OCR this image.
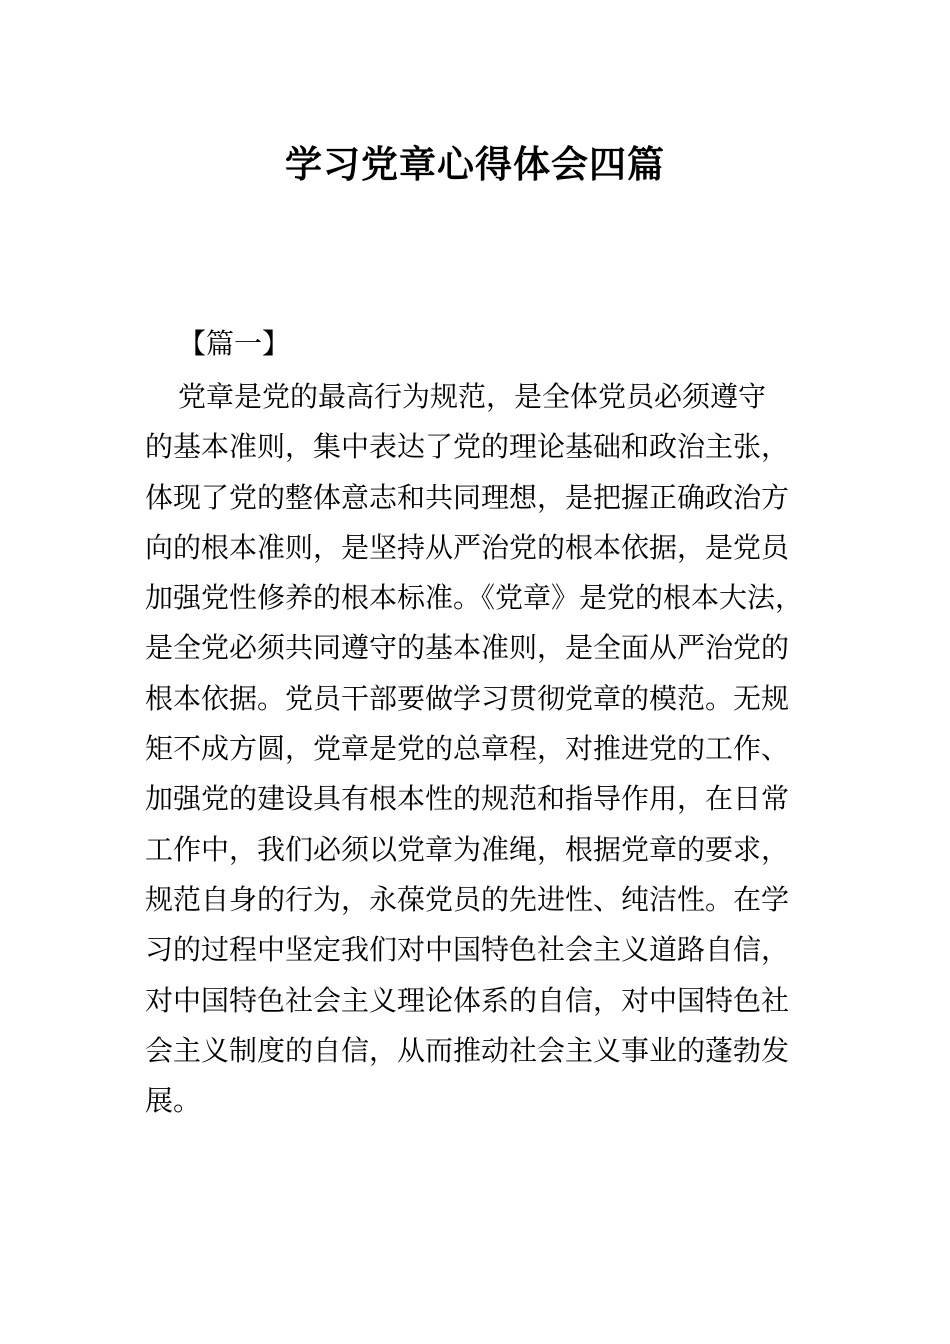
学习党章心得体会四篇
【篇一】
党章是党的最高行为规范，是全体党员必须遵守
的基本准则，集中表达了党的理论基础和政治主张，
体现了党的整体意志和共同理想，是把握正确政治方
向的根本准则，是坚持从严治党的根本依据，是党员
加强党性修养的根本标准。《党章》是党的根本大法，
是全党必须共同遵守的基本准则，是全面从严治党的
根本依据。党员干部要做学习贯彻党章的模范。无规
矩不成方圆，党章是党的总章程，对推进党的工作、
加强党的建设具有根本性的规范和指导作用，在日常
工作中，我们必须以党章为准绳，根据党章的要求，
规范自身的行为，永葆党员的先进性、纯洁性。在学
习的过程中坚定我们对中国特色社会主义道路自信，
对中国特色社会主义理论体系的自信，对中国特色社
会主义制度的自信，从而推动社会主义事业的蓬勃发
展。
